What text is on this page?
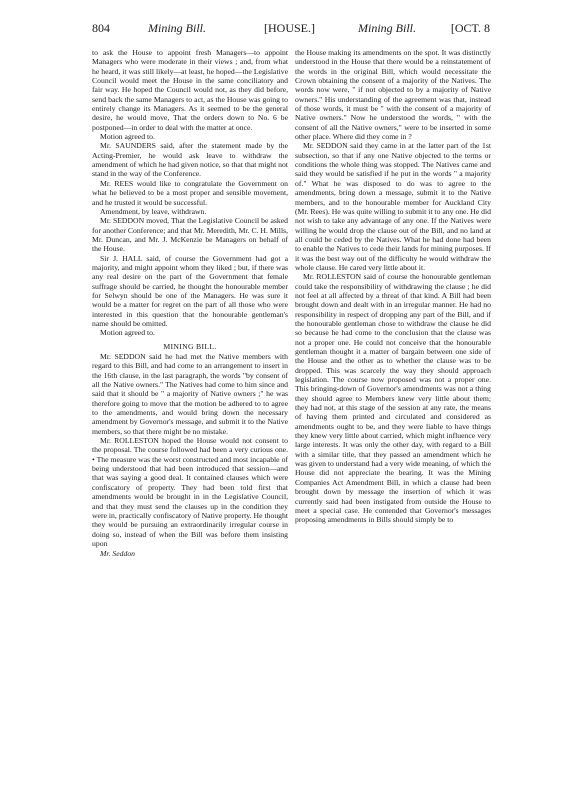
804	Mining Bill.	[HOUSE.]	Mining Bill.	[OCT. 8

to ask the House to appoint fresh Managers—to appoint Managers who were moderate in their views ; and, from what he heard, it was still likely—at least, he hoped—the Legislative Council would meet the House in the same conciliatory and fair way. He hoped the Council would not, as they did before, send back the same Managers to act, as the House was going to entirely change its Managers. As it seemed to be the general desire, he would move, That the orders down to No. 6 be postponed—in order to deal with the matter at once.

Motion agreed to.

Mr. SAUNDERS said, after the statement made by the Acting-Premier, he would ask leave to withdraw the amendment of which he had given notice, so that that might not stand in the way of the Conference.

Mr. REES would like to congratulate the Government on what he believed to be a most proper and sensible movement, and he trusted it would be successful.

Amendment, by leave, withdrawn.

Mr. SEDDON moved, That the Legislative Council be asked for another Conference; and that Mr. Meredith, Mr. C. H. Mills, Mr. Duncan, and Mr. J. McKenzie be Managers on behalf of the House.

Sir J. HALL said, of course the Government had got a majority, and might appoint whom they liked ; but, if there was any real desire on the part of the Government that female suffrage should be carried, he thought the honourable member for Selwyn should be one of the Managers. He was sure it would be a matter for regret on the part of all those who were interested in this question that the honourable gentleman's name should be omitted.

Motion agreed to.

MINING BILL.

Mr. SEDDON said he had met the Native members with regard to this Bill, and had come to an arrangement to insert in the 16th clause, in the last paragraph, the words "by consent of all the Native owners." The Natives had come to him since and said that it should be " a majority of Native owners ;" he was therefore going to move that the motion be adhered to to agree to the amendments, and would bring down the necessary amendment by Governor's message, and submit it to the Native members, so that there might be no mistake.

Mr. ROLLESTON hoped the House would not consent to the proposal. The course followed had been a very curious one. • The measure was the worst constructed and most incapable of being understood that had been introduced that session—and that was saying a good deal. It contained clauses which were confiscatory of property. They had been told first that amendments would be brought in in the Legislative Council, and that they must send the clauses up in the condition they were in, practically confiscatory of Native property. He thought they would be pursuing an extraordinarily irregular course in doing so, instead of when the Bill was before them insisting upon

Mr. Seddon

the House making its amendments on the spot. It was distinctly understood in the House that there would be a reinstatement of the words in the original Bill, which would necessitate the Crown obtaining the consent of a majority of the Natives. The words now were, " if not objected to by a majority of Native owners." His understanding of the agreement was that, instead of those words, it must be " with the consent of a majority of Native owners." Now he understood the words, " with the consent of all the Native owners," were to be inserted in some other place. Where did they come in ?

Mr. SEDDON said they came in at the latter part of the 1st subsection, so that if any one Native objected to the terms or conditions the whole thing was stopped. The Natives came and said they would be satisfied if he put in the words " a majority of." What he was disposed to do was to agree to the amendments, bring down a message, submit it to the Native members, and to the honourable member for Auckland City (Mr. Rees). He was quite willing to submit it to any one. He did not wish to take any advantage of any one. If the Natives were willing he would drop the clause out of the Bill, and no land at all could be ceded by the Natives. What he had done had been to enable the Natives to cede their lands for mining purposes. If it was the best way out of the difficulty he would withdraw the whole clause. He cared very little about it.

Mr. ROLLESTON said of course the honourable gentleman could take the responsibility of withdrawing the clause ; he did not feel at all affected by a threat of that kind. A Bill had been brought down and dealt with in an irregular manner. He had no responsibility in respect of dropping any part of the Bill, and if the honourable gentleman chose to withdraw the clause he did so because he had come to the conclusion that the clause was not a proper one. He could not conceive that the honourable gentleman thought it a matter of bargain between one side of the House and the other as to whether the clause was to be dropped. This was scarcely the way they should approach legislation. The course now proposed was not a proper one. This bringing-down of Governor's amendments was not a thing they should agree to Members knew very little about them; they had not, at this stage of the session at any rate, the means of having them printed and circulated and considered as amendments ought to be, and they were liable to have things they knew very little about carried, which might influence very large interests. It was only the other day, with regard to a Bill with a similar title, that they passed an amendment which he was given to understand had a very wide meaning, of which the House did not appreciate the bearing. It was the Mining Companies Act Amendment Bill, in which a clause had been brought down by message the insertion of which it was currently said had been instigated from outside the House to meet a special case. He contended that Governor's messages proposing amendments in Bills should simply be to
